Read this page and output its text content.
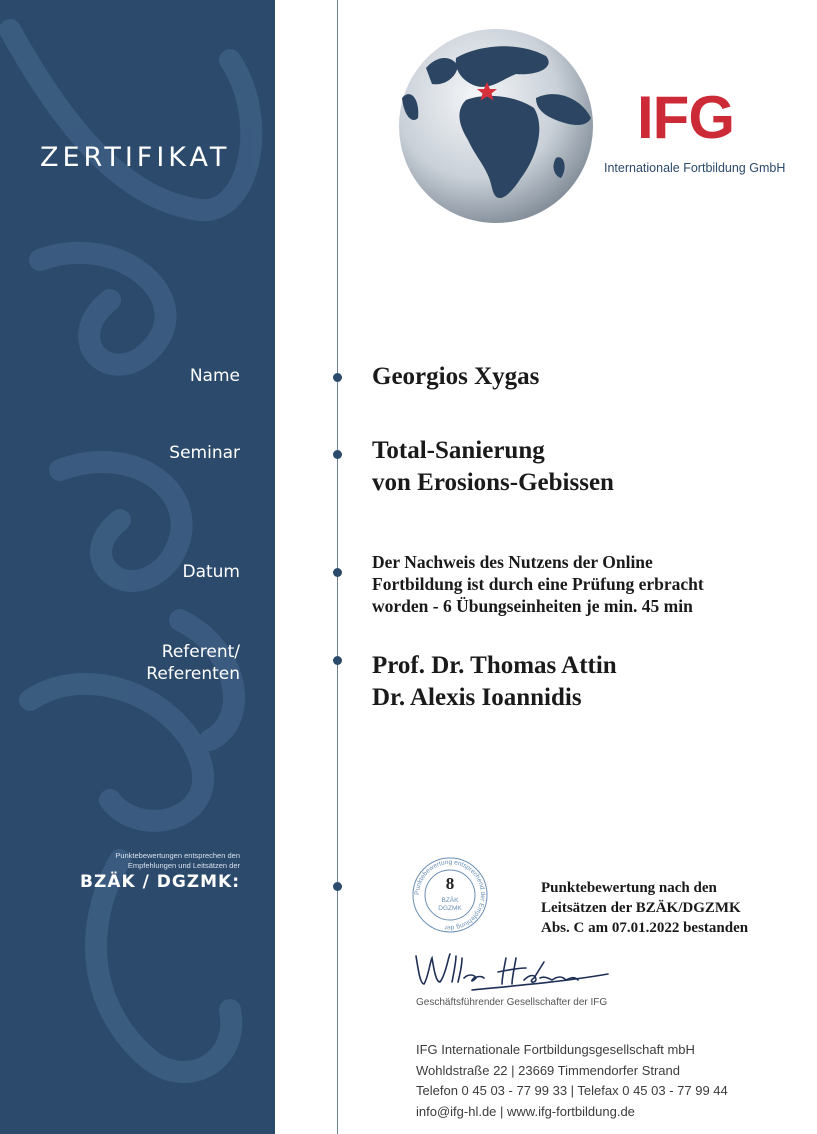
ZERTIFIKAT
Name
Seminar
Datum
Referent/
Referenten
Punktebewertungen entsprechen den
Empfehlungen und Leitsätzen der
BZÄK / DGZMK:
IFG
Internationale Fortbildung GmbH
Georgios Xygas
Total-Sanierung
von Erosions-Gebissen
Der Nachweis des Nutzens der Online
Fortbildung ist durch eine Prüfung erbracht
worden - 6 Übungseinheiten je min. 45 min
Prof. Dr. Thomas Attin
Dr. Alexis Ioannidis
Punktebewertung entsprechend der Empfehlung der
8
BZÄK
DGZMK
Punktebewertung nach den
Leitsätzen der BZÄK/DGZMK
Abs. C am 07.01.2022 bestanden
Geschäftsführender Gesellschafter der IFG
IFG Internationale Fortbildungsgesellschaft mbH
Wohldstraße 22 | 23669 Timmendorfer Strand
Telefon 0 45 03 - 77 99 33 | Telefax 0 45 03 - 77 99 44
info@ifg-hl.de | www.ifg-fortbildung.de
